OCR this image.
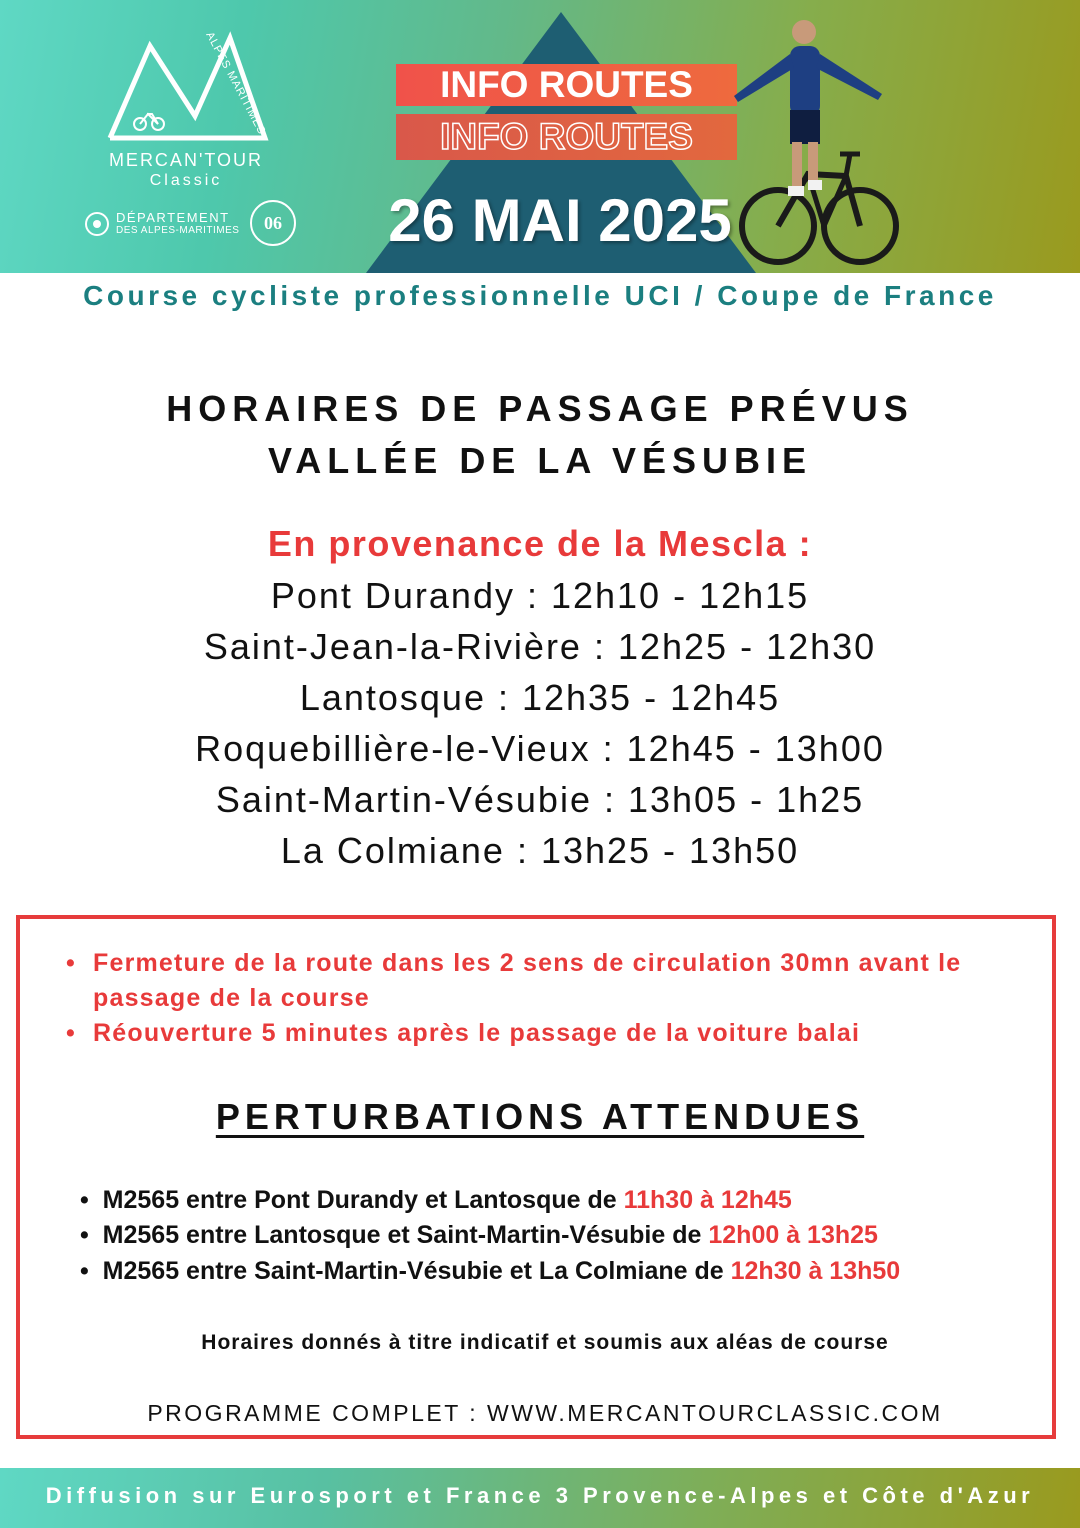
ALPES MARITIMES
MERCAN'TOUR
Classic
DÉPARTEMENT
DES ALPES-MARITIMES	06
INFO ROUTES
INFO ROUTES
26 MAI 2025
Course cycliste professionnelle UCI / Coupe de France
HORAIRES DE PASSAGE PRÉVUS
VALLÉE DE LA VÉSUBIE
En provenance de la Mescla :
Pont Durandy : 12h10 - 12h15
Saint-Jean-la-Rivière : 12h25 - 12h30
Lantosque : 12h35 - 12h45
Roquebillière-le-Vieux : 12h45 - 13h00
Saint-Martin-Vésubie : 13h05 - 1h25
La Colmiane : 13h25 - 13h50
• Fermeture de la route dans les 2 sens de circulation 30mn avant le passage de la course
• Réouverture 5 minutes après le passage de la voiture balai
PERTURBATIONS ATTENDUES
•  M2565 entre Pont Durandy et Lantosque de 11h30 à 12h45
•  M2565 entre Lantosque et Saint-Martin-Vésubie de 12h00 à 13h25
•  M2565 entre Saint-Martin-Vésubie et La Colmiane de 12h30 à 13h50
Horaires donnés à titre indicatif et soumis aux aléas de course
PROGRAMME COMPLET : WWW.MERCANTOURCLASSIC.COM
Diffusion sur Eurosport et France 3 Provence-Alpes et Côte d'Azur
